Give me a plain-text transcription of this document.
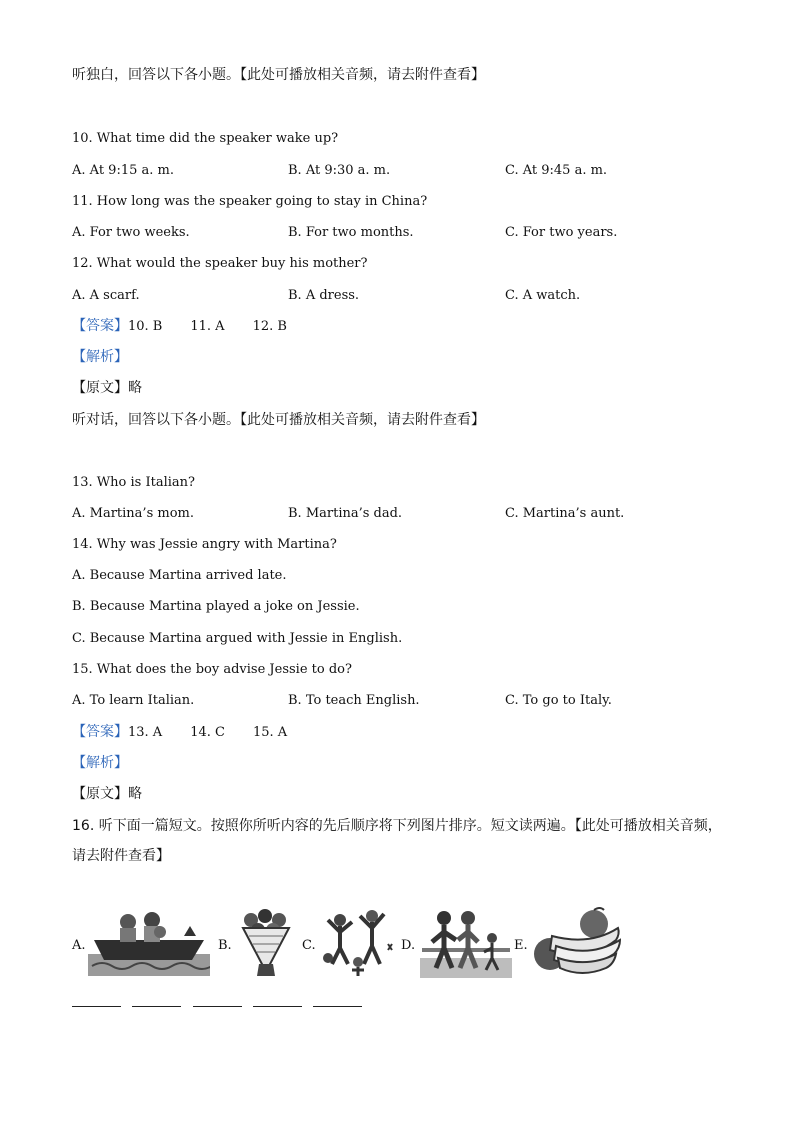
听独白，回答以下各小题。【此处可播放相关音频，请去附件查看】
10. What time did the speaker wake up?
A. At 9:15 a. m.	B. At 9:30 a. m.	C. At 9:45 a. m.
11. How long was the speaker going to stay in China?
A. For two weeks.	B. For two months.	C. For two years.
12. What would the speaker buy his mother?
A. A scarf.	B. A dress.	C. A watch.
【答案】10. B 11. A 12. B
【解析】
【原文】略
听对话，回答以下各小题。【此处可播放相关音频，请去附件查看】
13. Who is Italian?
A. Martina’s mom.	B. Martina’s dad.	C. Martina’s aunt.
14. Why was Jessie angry with Martina?
A. Because Martina arrived late.
B. Because Martina played a joke on Jessie.
C. Because Martina argued with Jessie in English.
15. What does the boy advise Jessie to do?
A. To learn Italian.	B. To teach English.	C. To go to Italy.
【答案】13. A 14. C 15. A
【解析】
【原文】略
16. 听下面一篇短文。按照你所听内容的先后顺序将下列图片排序。短文读两遍。【此处可播放相关音频，
请去附件查看】
A.	B.	C.	D.	E.
